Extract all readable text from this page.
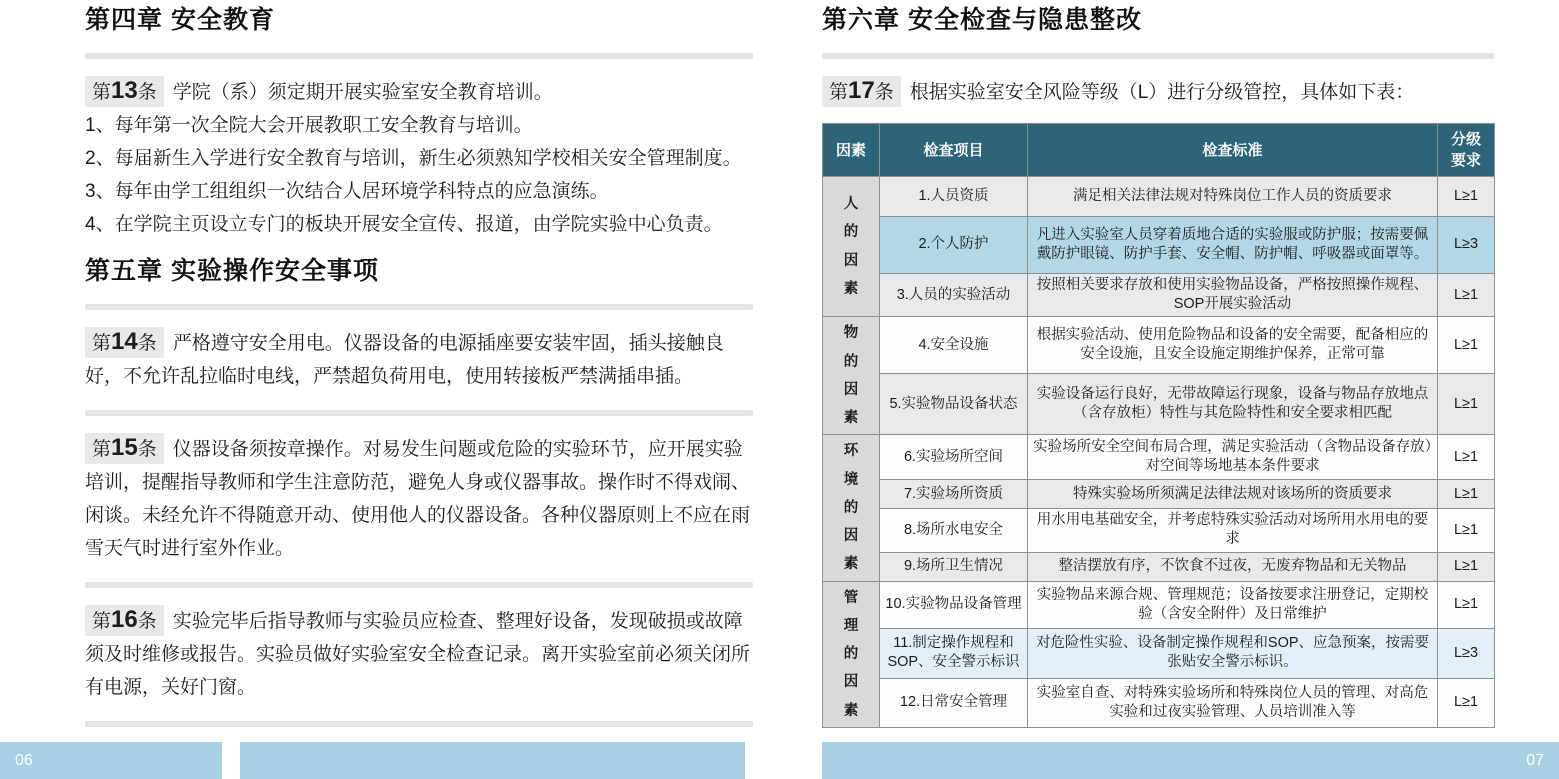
第四章 安全教育

第13条 学院（系）须定期开展实验室安全教育培训。

1、每年第一次全院大会开展教职工安全教育与培训。

2、每届新生入学进行安全教育与培训，新生必须熟知学校相关安全管理制度。

3、每年由学工组组织一次结合人居环境学科特点的应急演练。

4、在学院主页设立专门的板块开展安全宣传、报道，由学院实验中心负责。

第五章 实验操作安全事项

第14条 严格遵守安全用电。仪器设备的电源插座要安装牢固，插头接触良好，不允许乱拉临时电线，严禁超负荷用电，使用转接板严禁满插串插。

第15条 仪器设备须按章操作。对易发生问题或危险的实验环节，应开展实验培训，提醒指导教师和学生注意防范，避免人身或仪器事故。操作时不得戏闹、闲谈。未经允许不得随意开动、使用他人的仪器设备。各种仪器原则上不应在雨雪天气时进行室外作业。

第16条 实验完毕后指导教师与实验员应检查、整理好设备，发现破损或故障须及时维修或报告。实验员做好实验室安全检查记录。离开实验室前必须关闭所有电源，关好门窗。

第六章 安全检查与隐患整改

第17条 根据实验室安全风险等级（L）进行分级管控，具体如下表：

因素	检查项目	检查标准	分级要求
人的因素	1.人员资质	满足相关法律法规对特殊岗位工作人员的资质要求	L≥1
	2.个人防护	凡进入实验室人员穿着质地合适的实验服或防护服；按需要佩戴防护眼镜、防护手套、安全帽、防护帽、呼吸器或面罩等。	L≥3
	3.人员的实验活动	按照相关要求存放和使用实验物品设备，严格按照操作规程、SOP开展实验活动	L≥1
物的因素	4.安全设施	根据实验活动、使用危险物品和设备的安全需要，配备相应的安全设施，且安全设施定期维护保养，正常可靠	L≥1
	5.实验物品设备状态	实验设备运行良好，无带故障运行现象，设备与物品存放地点（含存放柜）特性与其危险特性和安全要求相匹配	L≥1
环境的因素	6.实验场所空间	实验场所安全空间布局合理，满足实验活动（含物品设备存放）对空间等场地基本条件要求	L≥1
	7.实验场所资质	特殊实验场所须满足法律法规对该场所的资质要求	L≥1
	8.场所水电安全	用水用电基础安全，并考虑特殊实验活动对场所用水用电的要求	L≥1
	9.场所卫生情况	整洁摆放有序，不饮食不过夜，无废弃物品和无关物品	L≥1
管理的因素	10.实验物品设备管理	实验物品来源合规、管理规范；设备按要求注册登记，定期校验（含安全附件）及日常维护	L≥1
	11.制定操作规程和SOP、安全警示标识	对危险性实验、设备制定操作规程和SOP、应急预案，按需要张贴安全警示标识。	L≥3
	12.日常安全管理	实验室自查、对特殊实验场所和特殊岗位人员的管理、对高危实验和过夜实验管理、人员培训准入等	L≥1
06	07
